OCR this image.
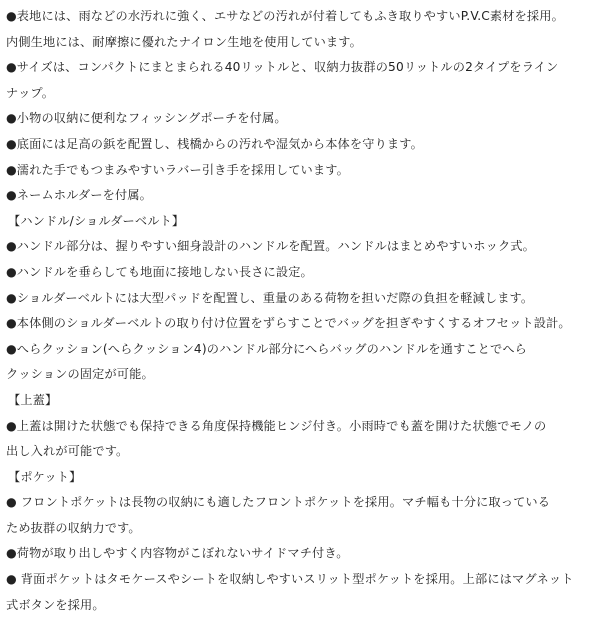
●表地には、雨などの水汚れに強く、エサなどの汚れが付着してもふき取りやすいP.V.C素材を採用。

内側生地には、耐摩擦に優れたナイロン生地を使用しています。

●サイズは、コンパクトにまとまられる40リットルと、収納力抜群の50リットルの2タイプをライン

ナップ。

●小物の収納に便利なフィッシングポーチを付属。

●底面には足高の鋲を配置し、桟橋からの汚れや湿気から本体を守ります。

●濡れた手でもつまみやすいラバー引き手を採用しています。

●ネームホルダーを付属。

【ハンドル/ショルダーベルト】

●ハンドル部分は、握りやすい細身設計のハンドルを配置。ハンドルはまとめやすいホック式。

●ハンドルを垂らしても地面に接地しない長さに設定。

●ショルダーベルトには大型パッドを配置し、重量のある荷物を担いだ際の負担を軽減します。

●本体側のショルダーベルトの取り付け位置をずらすことでバッグを担ぎやすくするオフセット設計。

●へらクッション(へらクッション4)のハンドル部分にへらバッグのハンドルを通すことでへら

クッションの固定が可能。

【上蓋】

●上蓋は開けた状態でも保持できる角度保持機能ヒンジ付き。小雨時でも蓋を開けた状態でモノの

出し入れが可能です。

【ポケット】

● フロントポケットは長物の収納にも適したフロントポケットを採用。マチ幅も十分に取っている

ため抜群の収納力です。

●荷物が取り出しやすく内容物がこぼれないサイドマチ付き。

● 背面ポケットはタモケースやシートを収納しやすいスリット型ポケットを採用。上部にはマグネット

式ボタンを採用。
